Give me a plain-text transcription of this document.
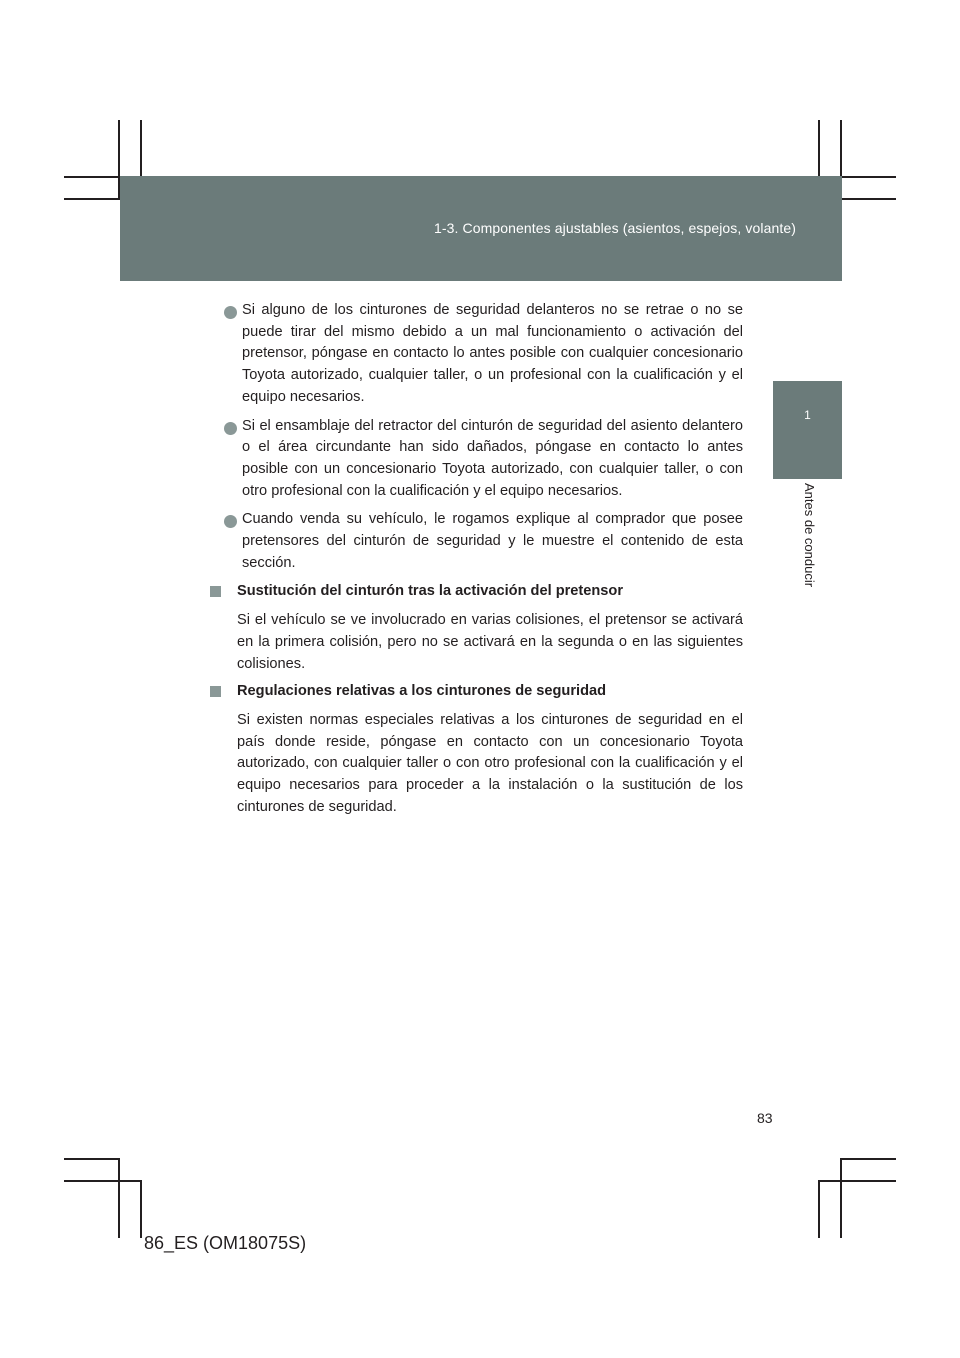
1-3. Componentes ajustables (asientos, espejos, volante)
1
Antes de conducir

Si alguno de los cinturones de seguridad delanteros no se retrae o no se puede tirar del mismo debido a un mal funcionamiento o activación del pretensor, póngase en contacto lo antes posible con cualquier concesionario Toyota autorizado, cualquier taller, o un profesional con la cualificación y el equipo necesarios.

Si el ensamblaje del retractor del cinturón de seguridad del asiento delantero o el área circundante han sido dañados, póngase en contacto lo antes posible con un concesionario Toyota autorizado, con cualquier taller, o con otro profesional con la cualificación y el equipo necesarios.

Cuando venda su vehículo, le rogamos explique al comprador que posee pretensores del cinturón de seguridad y le muestre el contenido de esta sección.

Sustitución del cinturón tras la activación del pretensor

Si el vehículo se ve involucrado en varias colisiones, el pretensor se activará en la primera colisión, pero no se activará en la segunda o en las siguientes colisiones.

Regulaciones relativas a los cinturones de seguridad

Si existen normas especiales relativas a los cinturones de seguridad en el país donde reside, póngase en contacto con un concesionario Toyota autorizado, con cualquier taller o con otro profesional con la cualificación y el equipo necesarios para proceder a la instalación o la sustitución de los cinturones de seguridad.

83
86_ES (OM18075S)
